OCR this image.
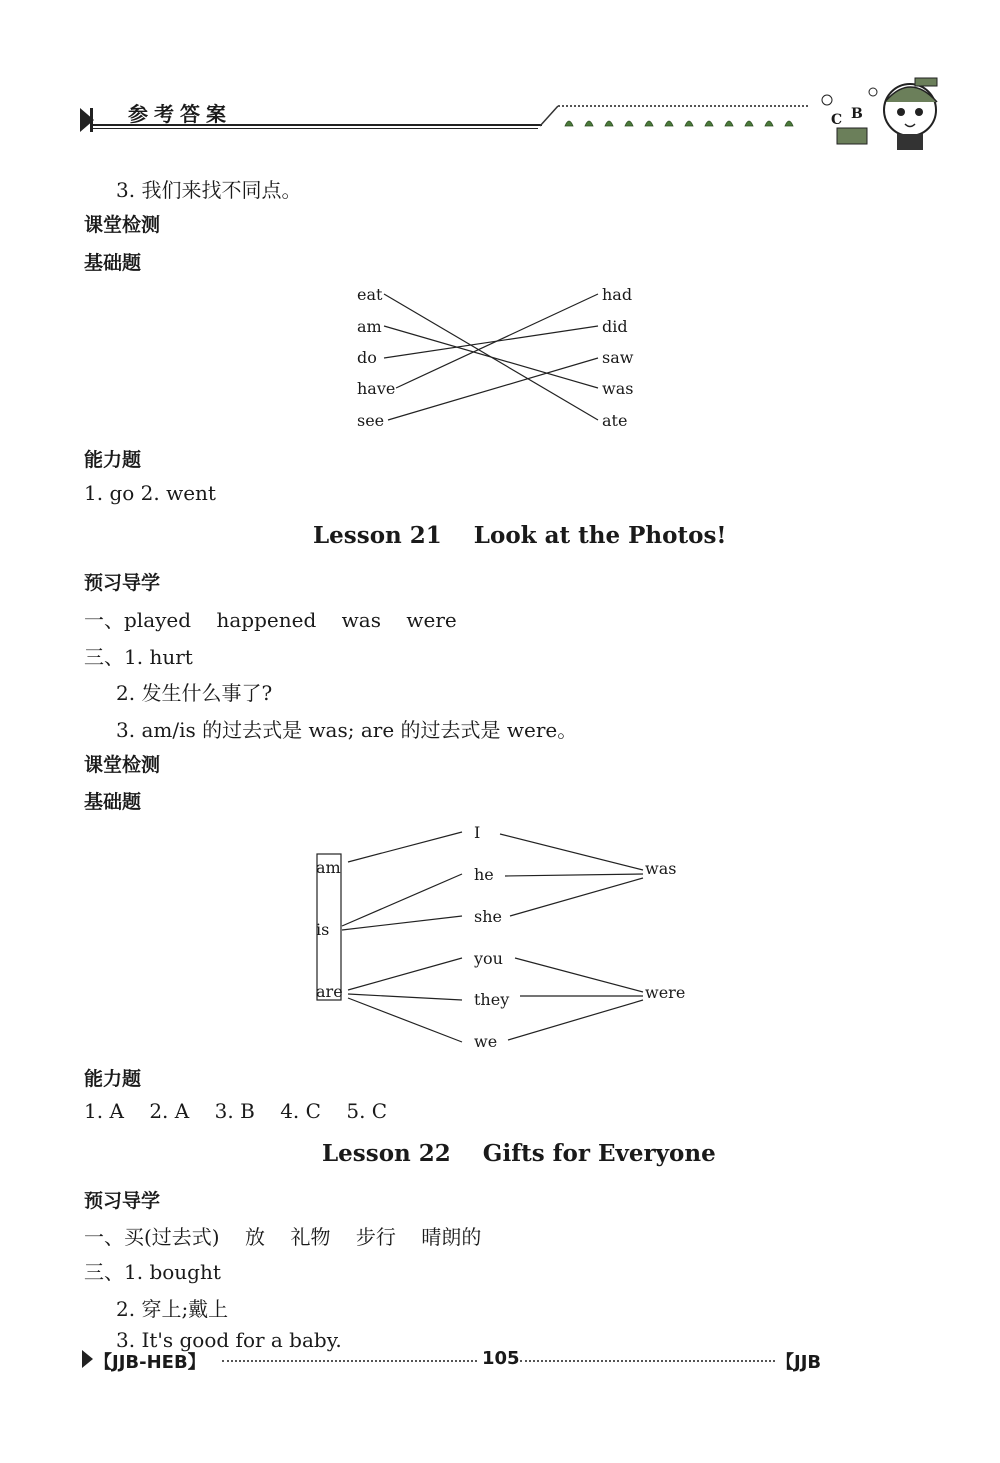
参考答案	C B
3. 我们来找不同点。
课堂检测
基础题
eat
am
do
have
see
had
did
saw
was
ate
能力题
1. go 2. went
Lesson 21    Look at the Photos!
预习导学
一、played    happened    was    were
三、1. hurt
2. 发生什么事了?
3. am/is 的过去式是 was; are 的过去式是 were。
课堂检测
基础题
am
is
are
I
he
she
you
they
we
was
were
能力题
1. A    2. A    3. B    4. C    5. C
Lesson 22    Gifts for Everyone
预习导学
一、买(过去式)    放    礼物    步行    晴朗的
三、1. bought
2. 穿上;戴上
3. It's good for a baby.
【JJB-HEB】	105	【JJB
